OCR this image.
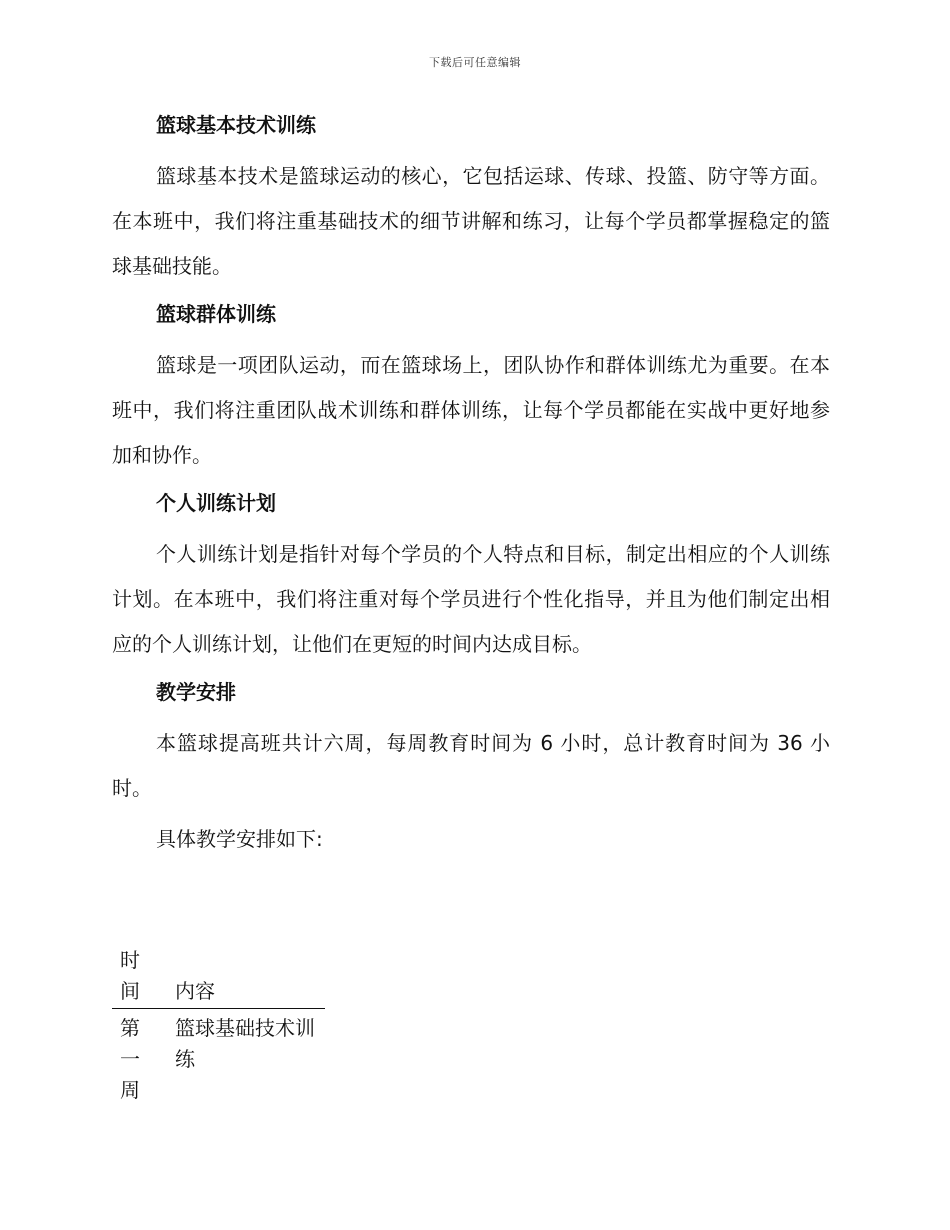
下载后可任意编辑
篮球基本技术训练
篮球基本技术是篮球运动的核心，它包括运球、传球、投篮、防守等方面。在本班中，我们将注重基础技术的细节讲解和练习，让每个学员都掌握稳定的篮球基础技能。
篮球群体训练
篮球是一项团队运动，而在篮球场上，团队协作和群体训练尤为重要。在本班中，我们将注重团队战术训练和群体训练，让每个学员都能在实战中更好地参加和协作。
个人训练计划
个人训练计划是指针对每个学员的个人特点和目标，制定出相应的个人训练计划。在本班中，我们将注重对每个学员进行个性化指导，并且为他们制定出相应的个人训练计划，让他们在更短的时间内达成目标。
教学安排
本篮球提高班共计六周，每周教育时间为 6 小时，总计教育时间为 36 小时。
具体教学安排如下:
时间	内容
第一周	篮球基础技术训练
